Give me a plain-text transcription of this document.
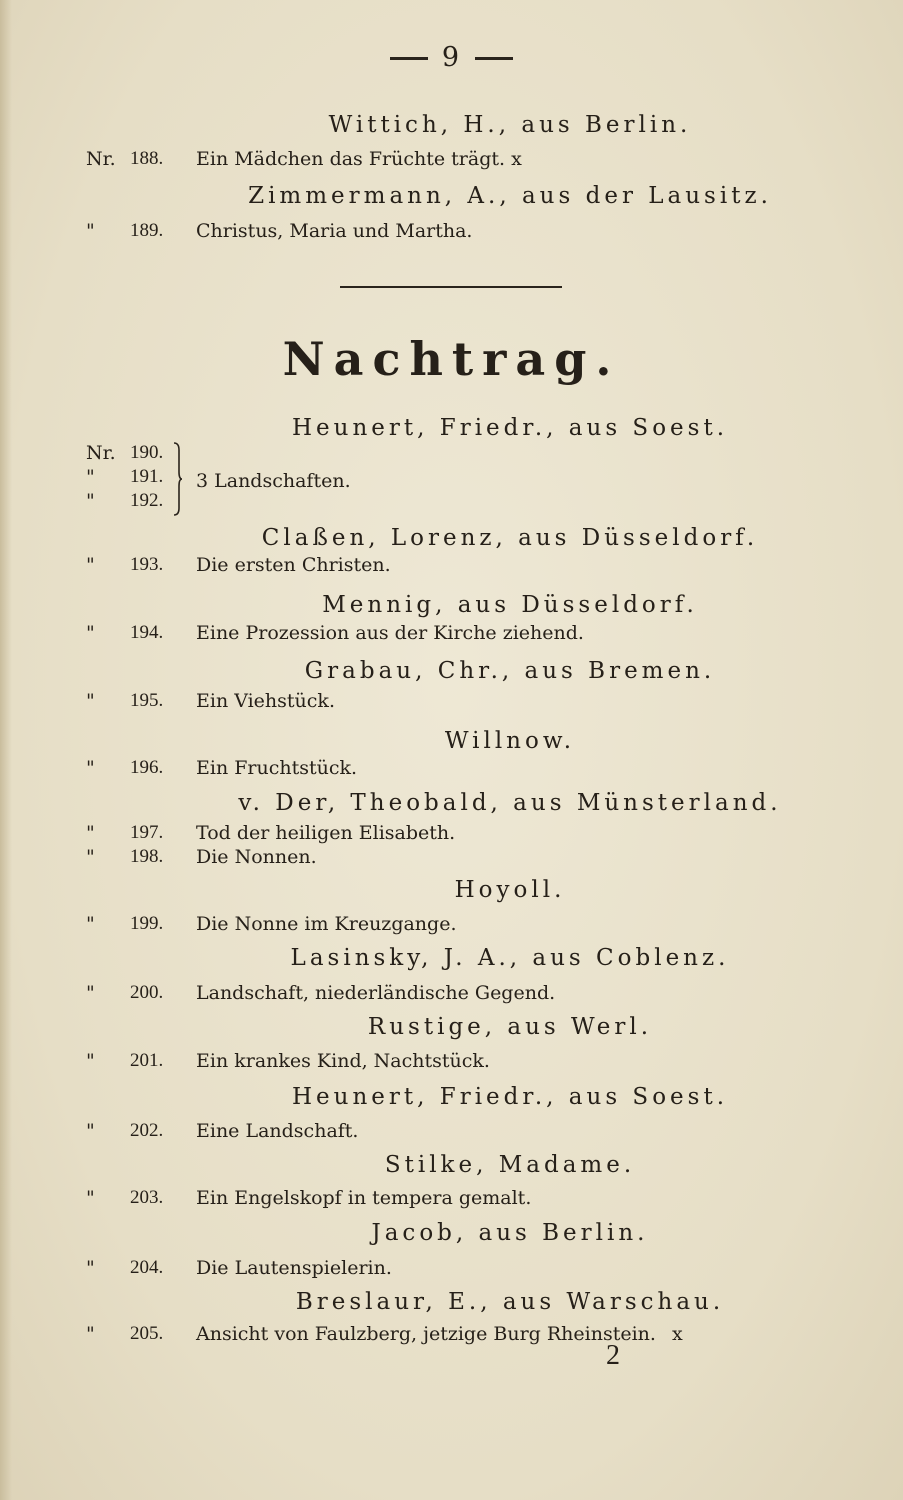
9
Wittich, H., aus Berlin.
Nr. 188.	Ein Mädchen das Früchte trägt. x
Zimmermann, A., aus der Lausitz.
"	189.	Christus, Maria und Martha.
Nachtrag.
Heunert, Friedr., aus Soest.
Nr. 190.
" 191.
" 192.
3 Landschaften.
Claßen, Lorenz, aus Düsseldorf.
"	193.	Die ersten Christen.
Mennig, aus Düsseldorf.
"	194.	Eine Prozession aus der Kirche ziehend.
Grabau, Chr., aus Bremen.
"	195.	Ein Viehstück.
Willnow.
"	196.	Ein Fruchtstück.
v. Der, Theobald, aus Münsterland.
"	197.	Tod der heiligen Elisabeth.
"	198.	Die Nonnen.
Hoyoll.
"	199.	Die Nonne im Kreuzgange.
Lasinsky, J. A., aus Coblenz.
"	200.	Landschaft, niederländische Gegend.
Rustige, aus Werl.
"	201.	Ein krankes Kind, Nachtstück.
Heunert, Friedr., aus Soest.
"	202.	Eine Landschaft.
Stilke, Madame.
"	203.	Ein Engelskopf in tempera gemalt.
Jacob, aus Berlin.
"	204.	Die Lautenspielerin.
Breslaur, E., aus Warschau.
"	205.	Ansicht von Faulzberg, jetzige Burg Rheinstein. x
2
